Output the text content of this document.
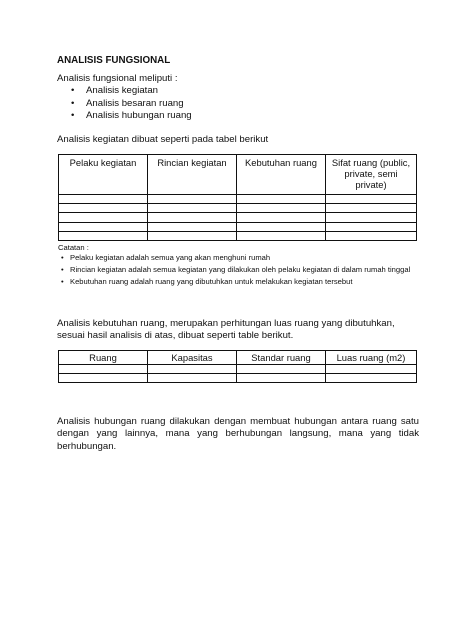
ANALISIS FUNGSIONAL

Analisis fungsional meliputi :

• Analisis kegiatan
• Analisis besaran ruang
• Analisis hubungan ruang

Analisis kegiatan dibuat seperti pada tabel berikut

Pelaku kegiatan	Rincian kegiatan	Kebutuhan ruang	Sifat ruang (public, private, semi private)

Catatan :

• Pelaku kegiatan adalah semua yang akan menghuni rumah
• Rincian kegiatan adalah semua kegiatan yang dilakukan oleh pelaku kegiatan di dalam rumah tinggal
• Kebutuhan ruang adalah ruang yang dibutuhkan untuk melakukan kegiatan tersebut

Analisis kebutuhan ruang, merupakan perhitungan luas ruang yang dibutuhkan, sesuai hasil analisis di atas, dibuat seperti table berikut.

Ruang	Kapasitas	Standar ruang	Luas ruang (m2)

Analisis hubungan ruang dilakukan dengan membuat hubungan antara ruang satu dengan yang lainnya, mana yang berhubungan langsung, mana yang tidak berhubungan.
